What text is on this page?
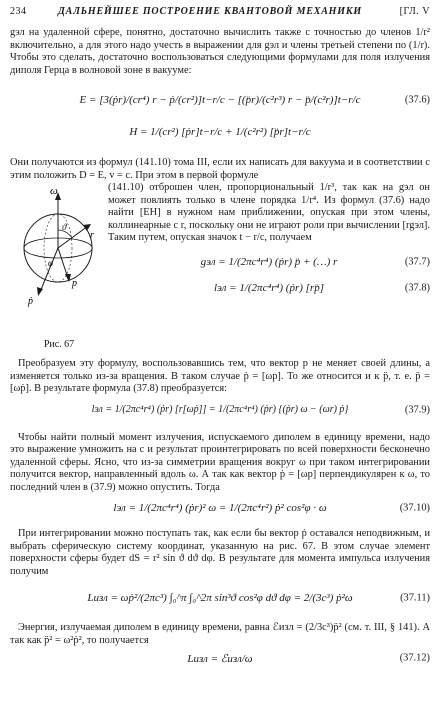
234	ДАЛЬНЕЙШЕЕ ПОСТРОЕНИЕ КВАНТОВОЙ МЕХАНИКИ	[ГЛ. V

gэл на удаленной сфере, понятно, достаточно вычислить также с точностью до членов 1/r² включительно, а для этого надо учесть в выражении для gэл и члены третьей степени по (1/r). Чтобы это сделать, достаточно воспользоваться следующими формулами для поля излучения диполя Герца в волновой зоне в вакууме:

E = [3(ṗr)/(cr⁴) r − ṗ/(cr²)]t−r/c − [(p̈r)/(c²r³) r − p̈/(c²r)]t−r/c	(37.6)
H = 1/(cr²) [ṗr]t−r/c + 1/(c²r²) [p̈r]t−r/c

Они получаются из формул (141.10) тома III, если их написать для вакуума и в соответствии с этим положить D = E, v = c. При этом в первой формуле

ω
p
ṗ
r
ϑ
φ
Рис. 67

(141.10) отброшен член, пропорциональный 1/r³, так как на gэл он может повлиять только в члене порядка 1/r⁴. Из формул (37.6) надо найти [EH] в нужном нам приближении, опуская при этом члены, коллинеарные с r, поскольку они не играют роли при вычислении [rgэл]. Таким путем, опуская значок t − r/c, получаем

gэл = 1/(2πc⁴r⁴) (ṗr) p̈ + (…) r	(37.7)
lэл = 1/(2πc⁴r⁴) (ṗr) [rp̈]	(37.8)

Преобразуем эту формулу, воспользовавшись тем, что вектор p не меняет своей длины, а изменяется только из-за вращения. В таком случае ṗ = [ωp]. То же относится и к p̈, т. е. p̈ = [ωṗ]. В результате формула (37.8) преобразуется:

lэл = 1/(2πc⁴r⁴) (ṗr) [r[ωṗ]] = 1/(2πc⁴r⁴) (ṗr) {(ṗr) ω − (ωr) ṗ}	(37.9)

Чтобы найти полный момент излучения, испускаемого диполем в единицу времени, надо это выражение умножить на c и результат проинтегрировать по всей поверхности бесконечно удаленной сферы. Ясно, что из-за симметрии вращения вокруг ω при таком интегрировании получится вектор, направленный вдоль ω. А так как вектор ṗ = [ωp] перпендикулярен к ω, то последний член в (37.9) можно опустить. Тогда

lэл = 1/(2πc⁴r⁴) (ṗr)² ω = 1/(2πc⁴r²) ṗ² cos²φ · ω	(37.10)

При интегрировании можно поступать так, как если бы вектор ṗ оставался неподвижным, и выбрать сферическую систему координат, указанную на рис. 67. В этом случае элемент поверхности сферы будет dS = r² sin ϑ dϑ dφ. В результате для момента импульса излучения получим

Lизл = ωṗ²/(2πc³) ∫₀^π ∫₀^2π sin³ϑ cos²φ dϑ dφ = 2/(3c³) ṗ²ω	(37.11)

Энергия, излучаемая диполем в единицу времени, равна ℰизл = (2/3c³)p̈² (см. т. III, § 141). А так как p̈² = ω²ṗ², то получается

Lизл = ℰизл/ω	(37.12)
